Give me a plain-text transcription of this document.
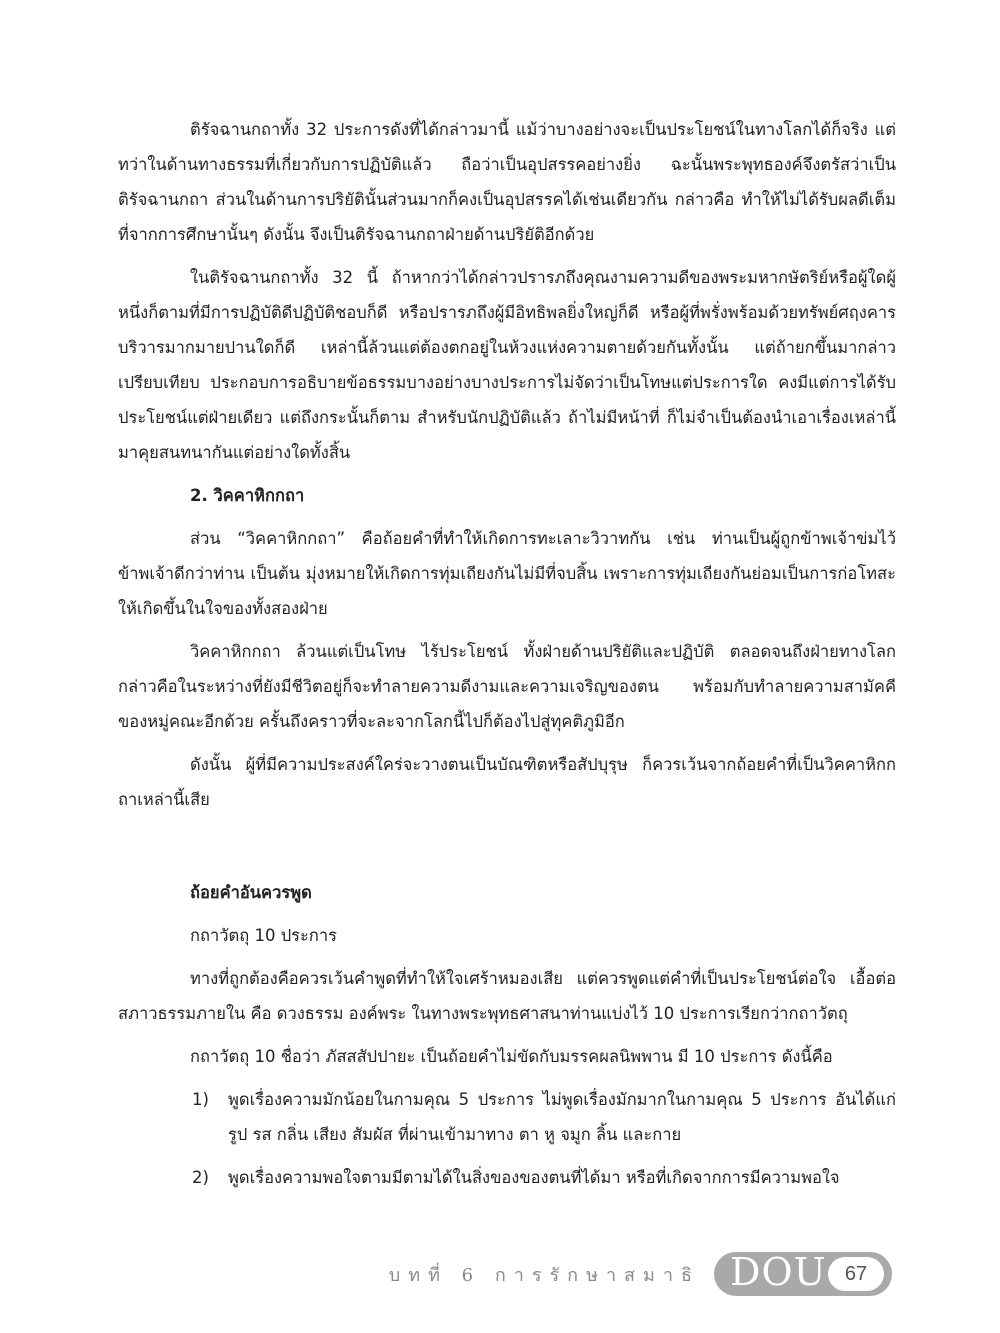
ติรัจฉานกถาทั้ง 32 ประการดังที่ได้กล่าวมานี้ แม้ว่าบางอย่างจะเป็นประโยชน์ในทางโลกได้ก็จริง แต่ทว่าในด้านทางธรรมที่เกี่ยวกับการปฏิบัติแล้ว ถือว่าเป็นอุปสรรคอย่างยิ่ง ฉะนั้นพระพุทธองค์จึงตรัสว่าเป็นติรัจฉานกถา ส่วนในด้านการปริยัตินั้นส่วนมากก็คงเป็นอุปสรรคได้เช่นเดียวกัน กล่าวคือ ทำให้ไม่ได้รับผลดีเต็มที่จากการศึกษานั้นๆ ดังนั้น จึงเป็นติรัจฉานกถาฝ่ายด้านปริยัติอีกด้วย

ในติรัจฉานกถาทั้ง 32 นี้ ถ้าหากว่าได้กล่าวปรารภถึงคุณงามความดีของพระมหากษัตริย์หรือผู้ใดผู้หนึ่งก็ตามที่มีการปฏิบัติดีปฏิบัติชอบก็ดี หรือปรารภถึงผู้มีอิทธิพลยิ่งใหญ่ก็ดี หรือผู้ที่พรั่งพร้อมด้วยทรัพย์ศฤงคารบริวารมากมายปานใดก็ดี เหล่านี้ล้วนแต่ต้องตกอยู่ในห้วงแห่งความตายด้วยกันทั้งนั้น แต่ถ้ายกขึ้นมากล่าวเปรียบเทียบ ประกอบการอธิบายข้อธรรมบางอย่างบางประการไม่จัดว่าเป็นโทษแต่ประการใด คงมีแต่การได้รับประโยชน์แต่ฝ่ายเดียว แต่ถึงกระนั้นก็ตาม สำหรับนักปฏิบัติแล้ว ถ้าไม่มีหน้าที่ ก็ไม่จำเป็นต้องนำเอาเรื่องเหล่านี้มาคุยสนทนากันแต่อย่างใดทั้งสิ้น

2. วิคคาหิกกถา

ส่วน “วิคคาหิกกถา” คือถ้อยคำที่ทำให้เกิดการทะเลาะวิวาทกัน เช่น ท่านเป็นผู้ถูกข้าพเจ้าข่มไว้ ข้าพเจ้าดีกว่าท่าน เป็นต้น มุ่งหมายให้เกิดการทุ่มเถียงกันไม่มีที่จบสิ้น เพราะการทุ่มเถียงกันย่อมเป็นการก่อโทสะให้เกิดขึ้นในใจของทั้งสองฝ่าย

วิคคาหิกกถา ล้วนแต่เป็นโทษ ไร้ประโยชน์ ทั้งฝ่ายด้านปริยัติและปฏิบัติ ตลอดจนถึงฝ่ายทางโลก กล่าวคือในระหว่างที่ยังมีชีวิตอยู่ก็จะทำลายความดีงามและความเจริญของตน พร้อมกับทำลายความสามัคคีของหมู่คณะอีกด้วย ครั้นถึงคราวที่จะละจากโลกนี้ไปก็ต้องไปสู่ทุคติภูมิอีก

ดังนั้น ผู้ที่มีความประสงค์ใคร่จะวางตนเป็นบัณฑิตหรือสัปบุรุษ ก็ควรเว้นจากถ้อยคำที่เป็นวิคคาหิกกถาเหล่านี้เสีย

ถ้อยคำอันควรพูด

กถาวัตถุ 10 ประการ

ทางที่ถูกต้องคือควรเว้นคำพูดที่ทำให้ใจเศร้าหมองเสีย แต่ควรพูดแต่คำที่เป็นประโยชน์ต่อใจ เอื้อต่อสภาวธรรมภายใน คือ ดวงธรรม องค์พระ ในทางพระพุทธศาสนาท่านแบ่งไว้ 10 ประการเรียกว่ากถาวัตถุ

กถาวัตถุ 10 ชื่อว่า ภัสสสัปปายะ เป็นถ้อยคำไม่ขัดกับมรรคผลนิพพาน มี 10 ประการ ดังนี้คือ

1) พูดเรื่องความมักน้อยในกามคุณ 5 ประการ ไม่พูดเรื่องมักมากในกามคุณ 5 ประการ อันได้แก่ รูป รส กลิ่น เสียง สัมผัส ที่ผ่านเข้ามาทาง ตา หู จมูก ลิ้น และกาย
2) พูดเรื่องความพอใจตามมีตามได้ในสิ่งของของตนที่ได้มา หรือที่เกิดจากการมีความพอใจ
บทที่ 6 การรักษาสมาธิ DOU 67
